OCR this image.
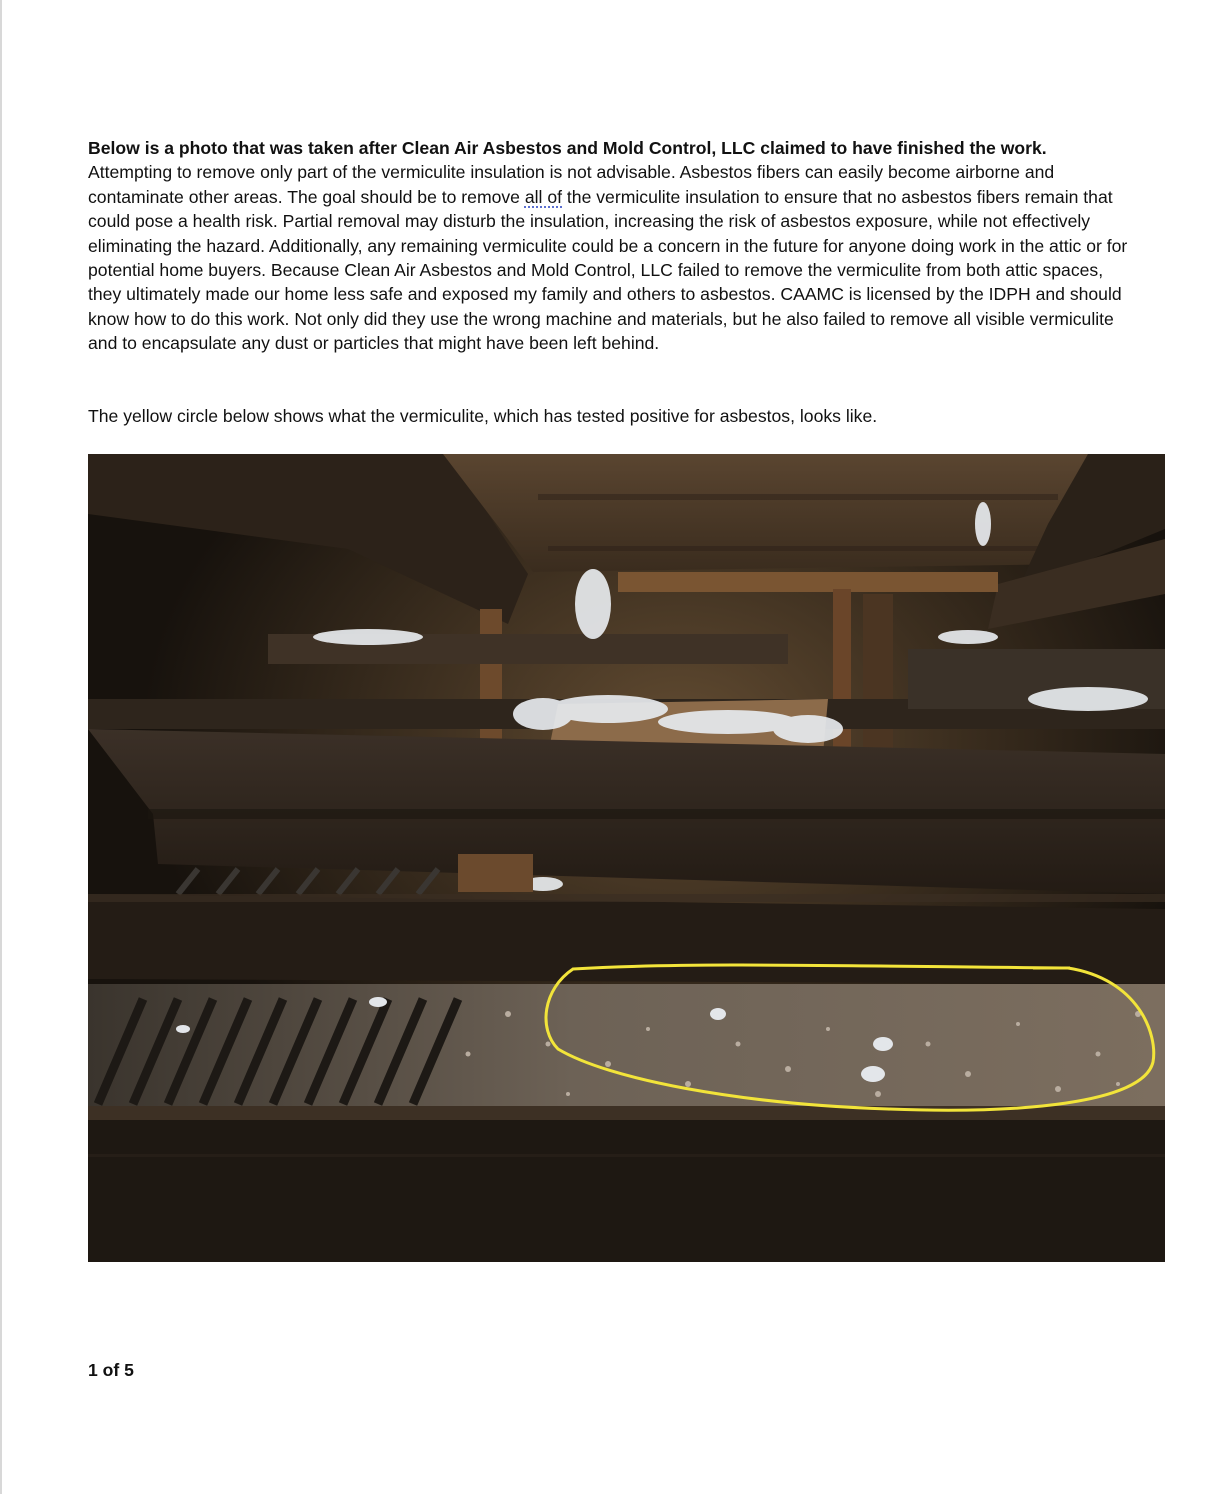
Below is a photo that was taken after Clean Air Asbestos and Mold Control, LLC claimed to have finished the work. Attempting to remove only part of the vermiculite insulation is not advisable. Asbestos fibers can easily become airborne and contaminate other areas. The goal should be to remove all of the vermiculite insulation to ensure that no asbestos fibers remain that could pose a health risk. Partial removal may disturb the insulation, increasing the risk of asbestos exposure, while not effectively eliminating the hazard. Additionally, any remaining vermiculite could be a concern in the future for anyone doing work in the attic or for potential home buyers. Because Clean Air Asbestos and Mold Control, LLC failed to remove the vermiculite from both attic spaces, they ultimately made our home less safe and exposed my family and others to asbestos. CAAMC is licensed by the IDPH and should know how to do this work. Not only did they use the wrong machine and materials, but he also failed to remove all visible vermiculite and to encapsulate any dust or particles that might have been left behind.

The yellow circle below shows what the vermiculite, which has tested positive for asbestos, looks like.

1 of 5
